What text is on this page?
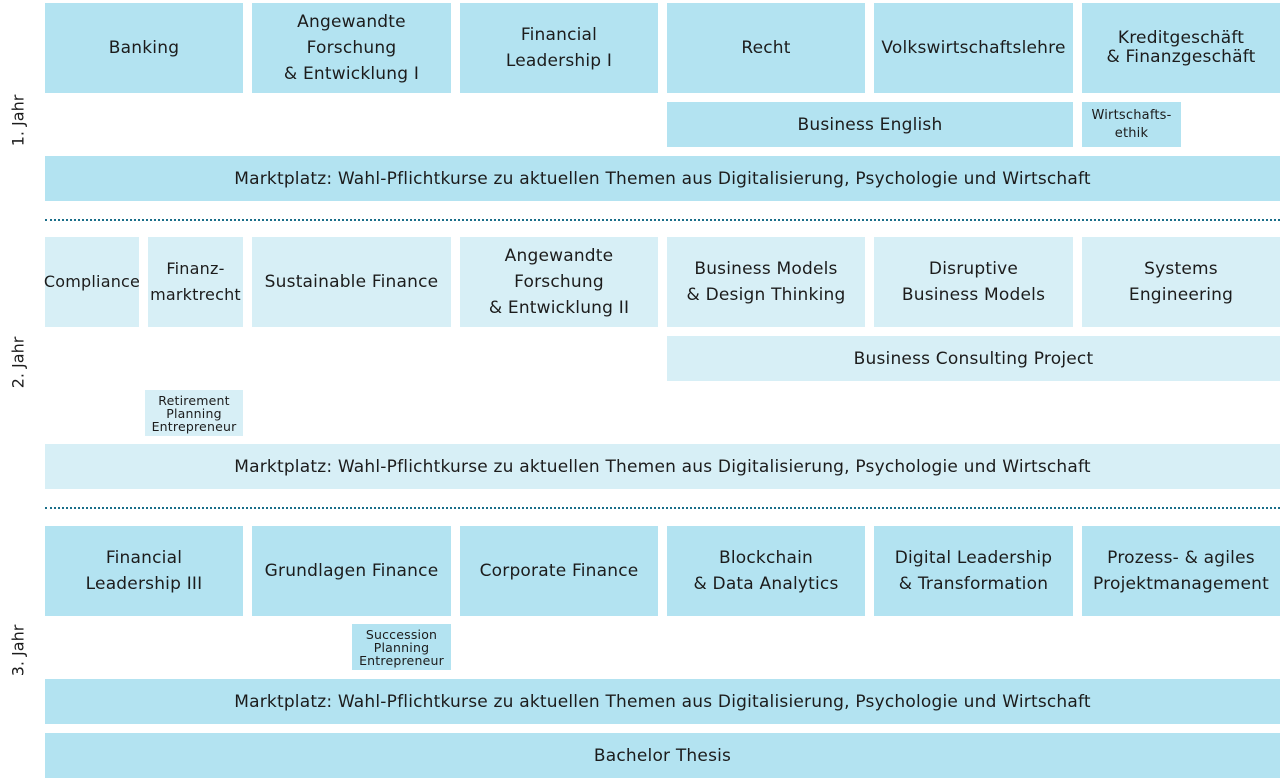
1. Jahr
2. Jahr
3. Jahr
Banking
Angewandte
Forschung
& Entwicklung I
Financial
Leadership I
Recht	Volkswirtschaftslehre	Kreditgeschäft
& Finanzgeschäft
Business English	Wirtschafts-
ethik
Marktplatz: Wahl-Pflichtkurse zu aktuellen Themen aus Digitalisierung, Psychologie und Wirtschaft
Compliance
Finanz-
marktrecht
Sustainable Finance
Angewandte
Forschung
& Entwicklung II
Business Models
& Design Thinking
Disruptive
Business Models
Systems
Engineering
Business Consulting Project
Retirement
Planning
Entrepreneur
Marktplatz: Wahl-Pflichtkurse zu aktuellen Themen aus Digitalisierung, Psychologie und Wirtschaft
Financial
Leadership III
Grundlagen Finance	Corporate Finance
Blockchain
& Data Analytics
Digital Leadership
& Transformation
Prozess- & agiles
Projektmanagement
Succession
Planning
Entrepreneur
Marktplatz: Wahl-Pflichtkurse zu aktuellen Themen aus Digitalisierung, Psychologie und Wirtschaft
Bachelor Thesis
